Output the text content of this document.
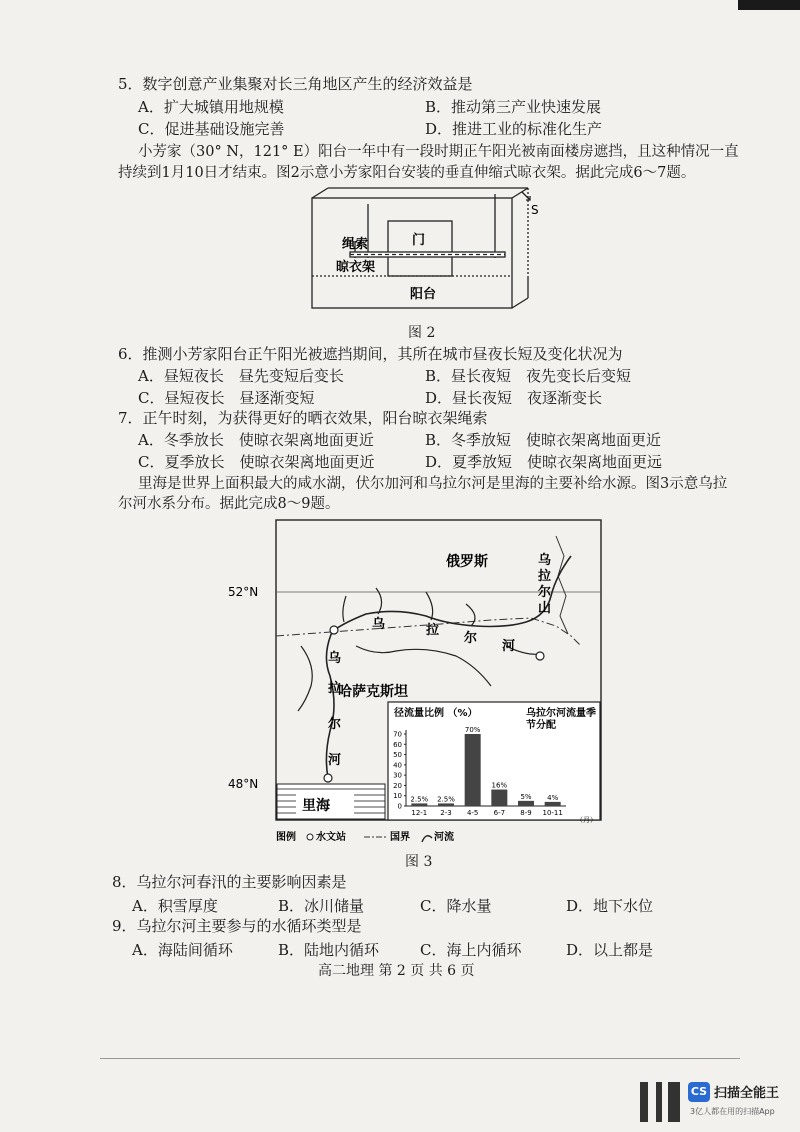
5．数字创意产业集聚对长三角地区产生的经济效益是
A．扩大城镇用地规模	B．推动第三产业快速发展
C．促进基础设施完善	D．推进工业的标准化生产
小芳家（30° N，121° E）阳台一年中有一段时期正午阳光被南面楼房遮挡，且这种情况一直
持续到1月10日才结束。图2示意小芳家阳台安装的垂直伸缩式晾衣架。据此完成6～7题。
S
绳索	门
晾衣架
阳台
图 2
6．推测小芳家阳台正午阳光被遮挡期间，其所在城市昼夜长短及变化状况为
A．昼短夜长　昼先变短后变长	B．昼长夜短　夜先变长后变短
C．昼短夜长　昼逐渐变短	D．昼长夜短　夜逐渐变长
7．正午时刻，为获得更好的晒衣效果，阳台晾衣架绳索
A．冬季放长　使晾衣架离地面更近	B．冬季放短　使晾衣架离地面更近
C．夏季放长　使晾衣架离地面更近	D．夏季放短　使晾衣架离地面更远
里海是世界上面积最大的咸水湖，伏尔加河和乌拉尔河是里海的主要补给水源。图3示意乌拉
尔河水系分布。据此完成8～9题。
52°N
48°N
里海
俄罗斯
哈萨克斯坦
乌
拉
尔
山
乌	拉
尔
河
乌
拉
尔
河
径流量比例 （%）	乌拉尔河流量季
节分配
70
60
50
40
30
20
10
0
2.5%
12-1
2.5%
2-3
70%
4-5
16%
6-7
5%
8-9
4%
10-11
（月）
图例 水文站	国界 河流
图 3
8．乌拉尔河春汛的主要影响因素是
A．积雪厚度	B．冰川储量	C．降水量	D．地下水位
9．乌拉尔河主要参与的水循环类型是
A．海陆间循环	B．陆地内循环	C．海上内循环	D．以上都是
高二地理 第 2 页 共 6 页
CS 扫描全能王
3亿人都在用的扫描App
